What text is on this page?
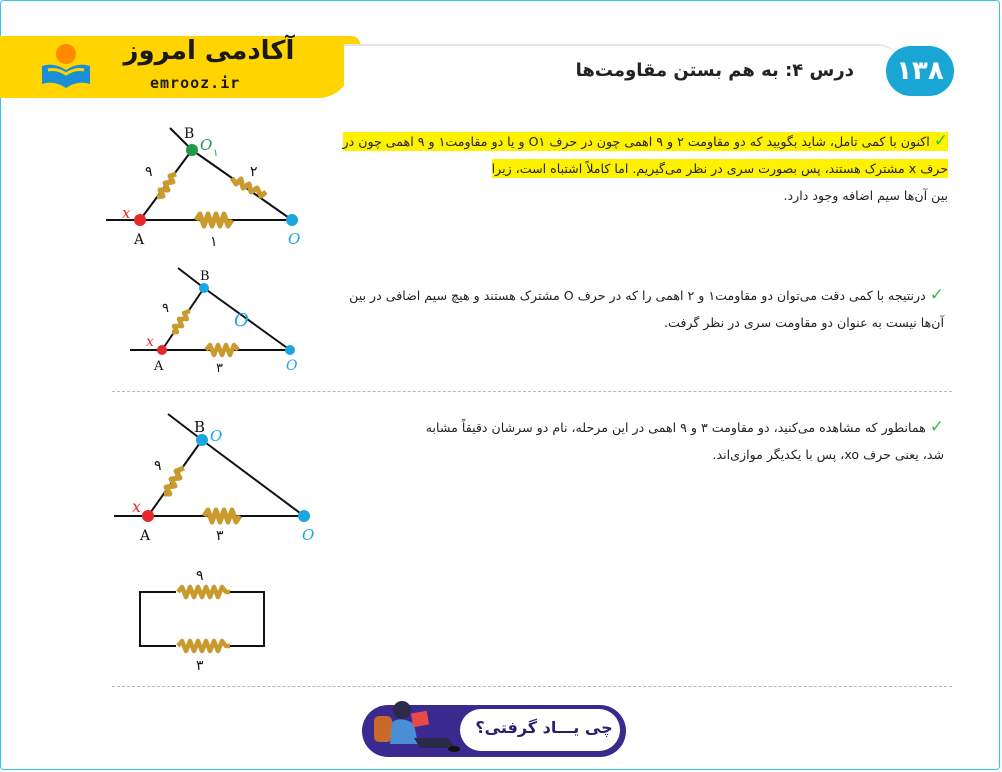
آکادمی امروز
emrooz.ir
درس ۴: به هم بستن مقاومت‌ها	۱۳۸
✓اکنون با کمی تامل، شاید بگویید که دو مقاومت ۲ و ۹ اهمی چون در حرف O۱ و یا دو مقاومت۱ و ۹ اهمی چون در حرف x مشترک هستند، پس بصورت سری در نظر می‌گیریم. اما کاملاً اشتباه است، زیرا
بین آن‌ها سیم اضافه وجود دارد.
✓درنتیجه با کمی دقت می‌توان دو مقاومت۱ و ۲ اهمی را که در حرف O مشترک هستند و هیچ سیم اضافی در بین آن‌ها نیست به عنوان دو مقاومت سری در نظر گرفت.
✓همانطور که مشاهده می‌کنید، دو مقاومت ۳ و ۹ اهمی در این مرحله، نام دو سرشان دقیقاً مشابه شد، یعنی حرف xo، پس با یکدیگر موازی‌اند.
B
O ۱
x
A	O
۹	۲
۱
B
O
x
A	O
۹
۳
B O
x
A	O
۹
۳
۹
۳
چی یـــاد گرفتی؟
